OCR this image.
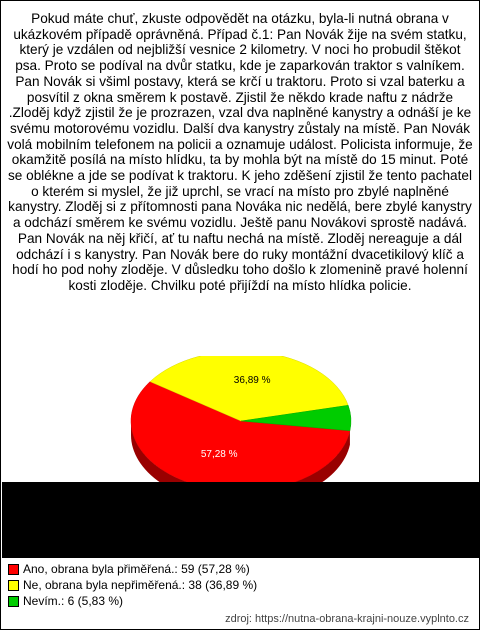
Pokud máte chuť, zkuste odpovědět na otázku, byla-li nutná obrana v ukázkovém případě oprávněná. Případ č.1: Pan Novák žije na svém statku, který je vzdálen od nejbližší vesnice 2 kilometry. V noci ho probudil štěkot psa. Proto se podíval na dvůr statku, kde je zaparkován traktor s valníkem. Pan Novák si všiml postavy, která se krčí u traktoru. Proto si vzal baterku a posvítil z okna směrem k postavě. Zjistil že někdo krade naftu z nádrže .Zloděj když zjistil že je prozrazen, vzal dva naplněné kanystry a odnáší je ke svému motorovému vozidlu. Další dva kanystry zůstaly na místě. Pan Novák volá mobilním telefonem na policii a oznamuje událost. Policista informuje, že okamžitě posílá na místo hlídku, ta by mohla být na místě do 15 minut. Poté se oblékne a jde se podívat k traktoru. K jeho zděšení zjistil že tento pachatel o kterém si myslel, že již uprchl, se vrací na místo pro zbylé naplněné kanystry. Zloděj si z přítomnosti pana Nováka nic nedělá, bere zbylé kanystry a odchází směrem ke svému vozidlu. Ještě panu Novákovi sprostě nadává. Pan Novák na něj křičí, ať tu naftu nechá na místě. Zloděj nereaguje a dál odchází i s kanystry. Pan Novák bere do ruky montážní dvacetikilový klíč a hodí ho pod nohy zloděje. V důsledku toho došlo k zlomenině pravé holenní kosti zloděje. Chvilku poté přijíždí na místo hlídka policie.

57,28 %
36,89 %
Ano, obrana byla přiměřená.: 59 (57,28 %)
Ne, obrana byla nepřiměřená.: 38 (36,89 %)
Nevím.: 6 (5,83 %)
zdroj: https://nutna-obrana-krajni-nouze.vyplnto.cz
